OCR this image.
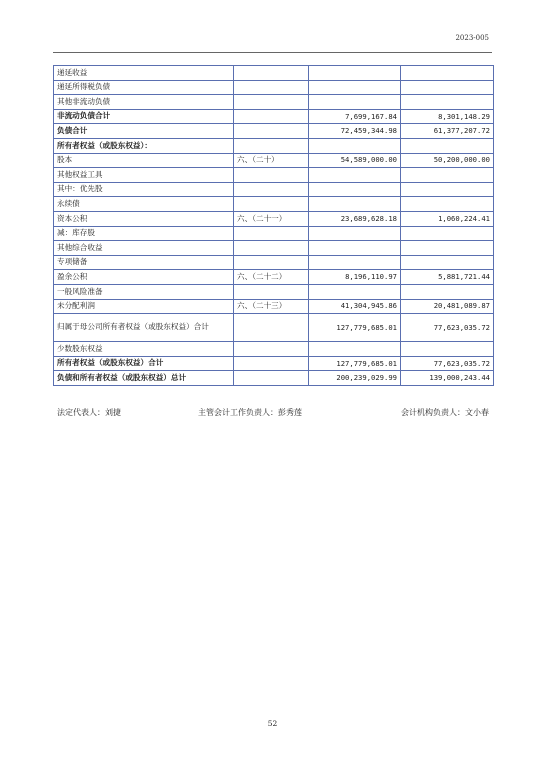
2023-005
递延收益			
递延所得税负债			
其他非流动负债			
非流动负债合计		7,699,167.84	8,301,148.29
负债合计		72,459,344.98	61,377,207.72
所有者权益（或股东权益）：			
股本	六、（二十）	54,589,000.00	50,200,000.00
其他权益工具			
其中：优先股			
永续债			
资本公积	六、（二十一）	23,689,628.18	1,060,224.41
减：库存股			
其他综合收益			
专项储备			
盈余公积	六、（二十二）	8,196,110.97	5,881,721.44
一般风险准备			
未分配利润	六、（二十三）	41,304,945.86	20,481,089.87
归属于母公司所有者权益（或股东权益）合计		127,779,685.01	77,623,035.72
少数股东权益			
所有者权益（或股东权益）合计		127,779,685.01	77,623,035.72
负债和所有者权益（或股东权益）总计		200,239,029.99	139,000,243.44
法定代表人：刘捷	主管会计工作负责人：彭秀莲	会计机构负责人：文小春
52
